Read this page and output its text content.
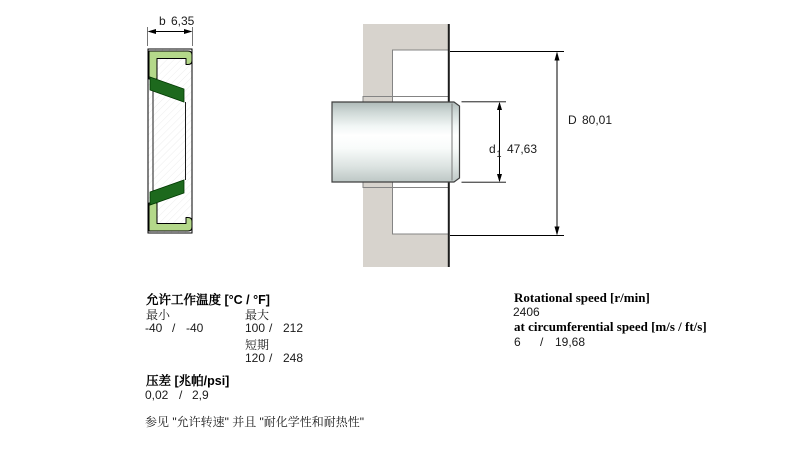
b 6,35
d 1 47,63
D 80,01
允许工作温度 [°C / °F]
最小	最大
-40 / -40	100 / 212
短期
120 / 248
压差 [兆帕/psi]
0,02 / 2,9
参见 "允许转速" 并且 "耐化学性和耐热性"
Rotational speed [r/min]
2406
at circumferential speed [m/s / ft/s]
6 / 19,68
